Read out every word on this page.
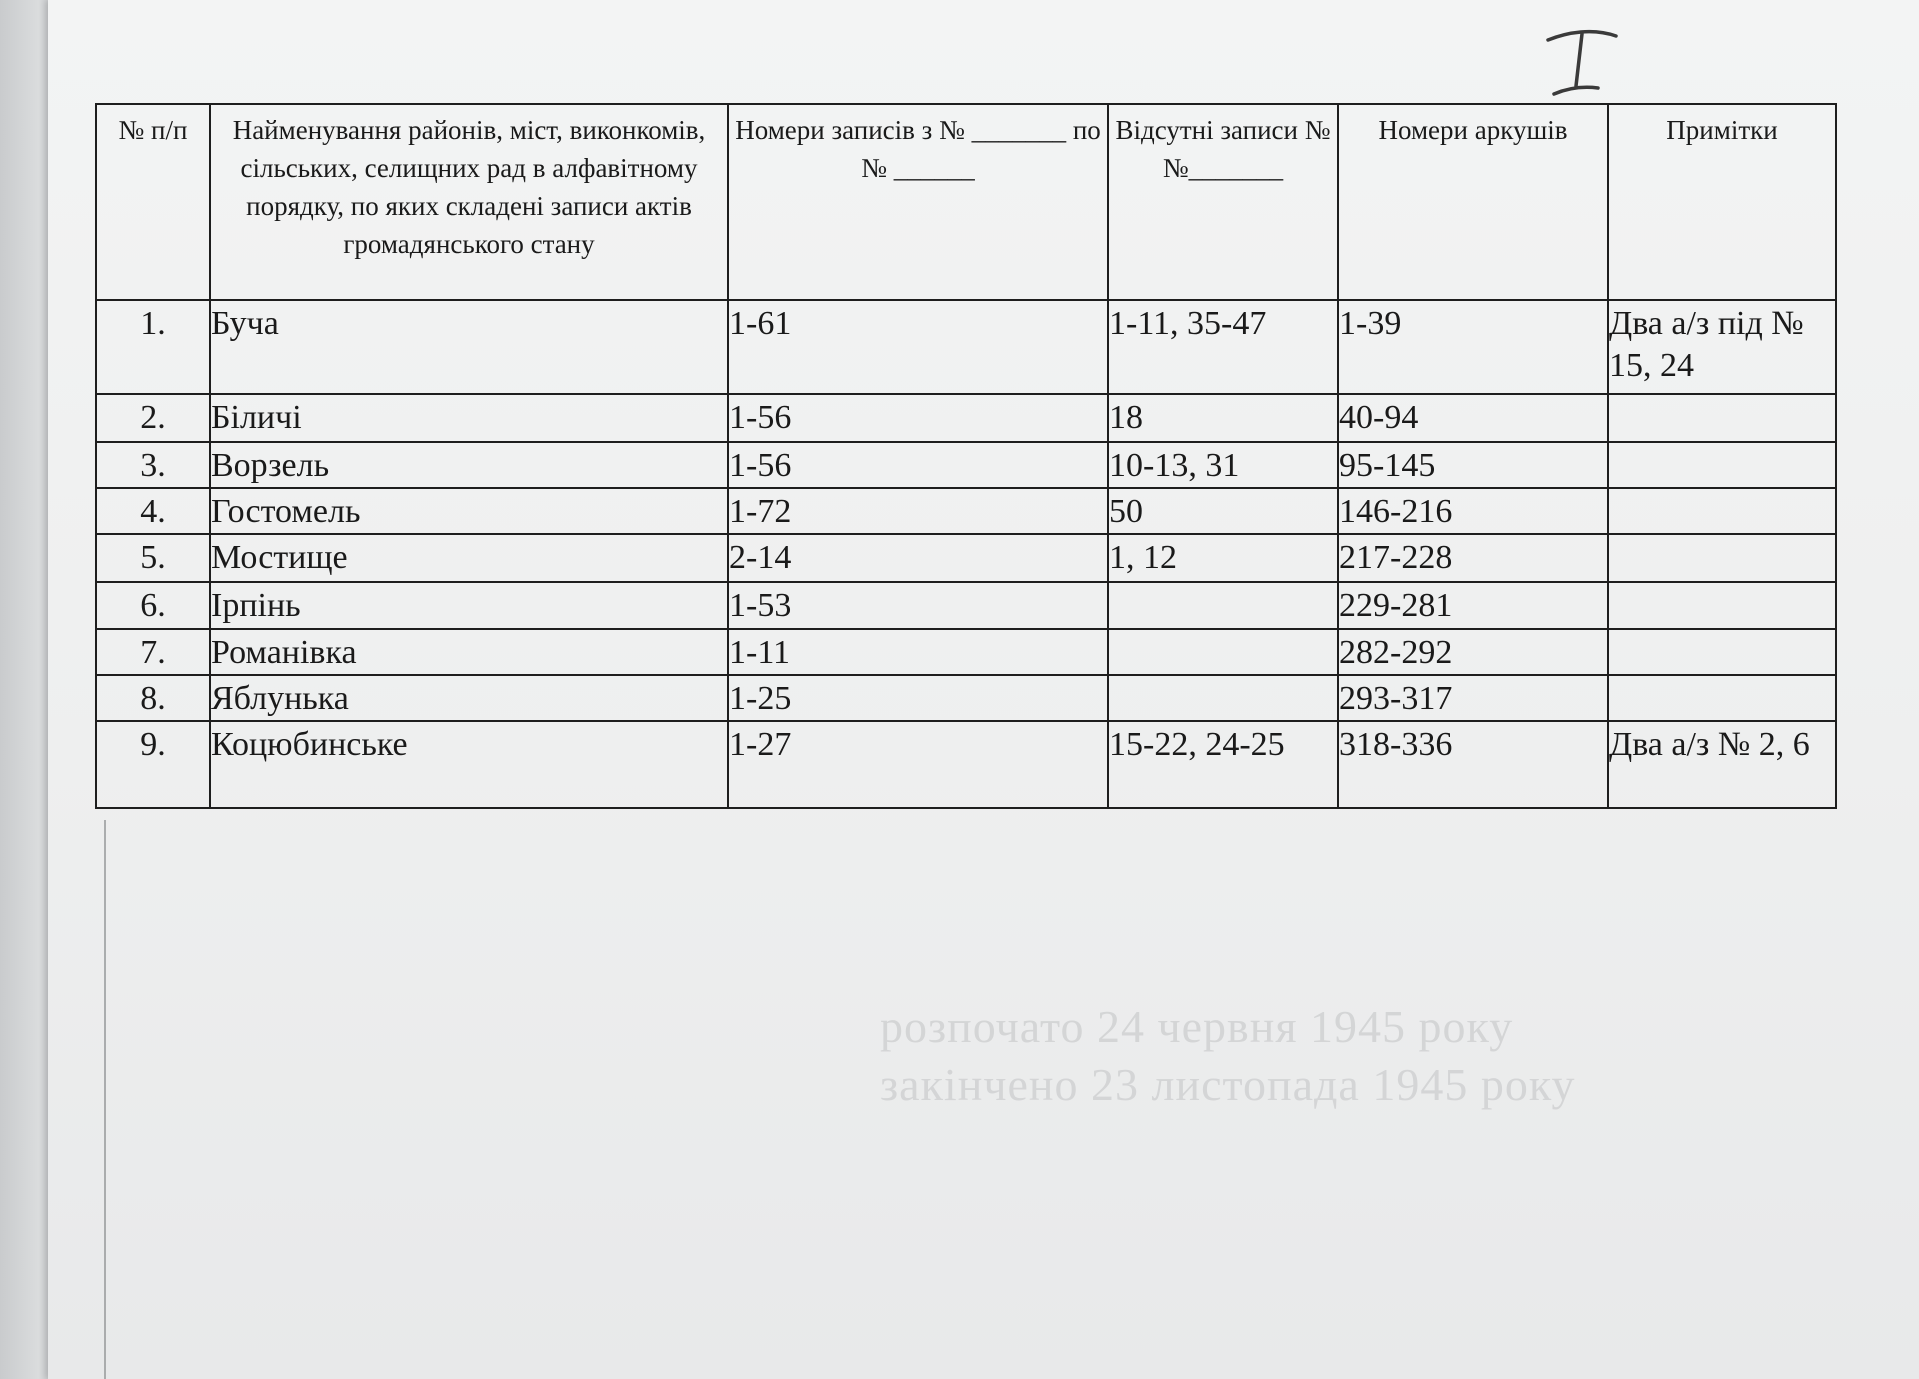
розпочато 24 червня 1945 року
закінчено 23 листопада 1945 року
№ п/п	Найменування районів, міст, виконкомів, сільських, селищних рад в алфавітному порядку, по яких складені записи актів громадянського стану	Номери записів з № _______ по № ______	Відсутні записи №№_______	Номери аркушів	Примітки
1.	Буча	1-61	1-11, 35-47	1-39	Два а/з під № 15, 24
2.	Біличі	1-56	18	40-94	
3.	Ворзель	1-56	10-13, 31	95-145	
4.	Гостомель	1-72	50	146-216	
5.	Мостище	2-14	1, 12	217-228	
6.	Ірпінь	1-53		229-281	
7.	Романівка	1-11		282-292	
8.	Яблунька	1-25		293-317	
9.	Коцюбинське	1-27	15-22, 24-25	318-336	Два а/з № 2, 6
